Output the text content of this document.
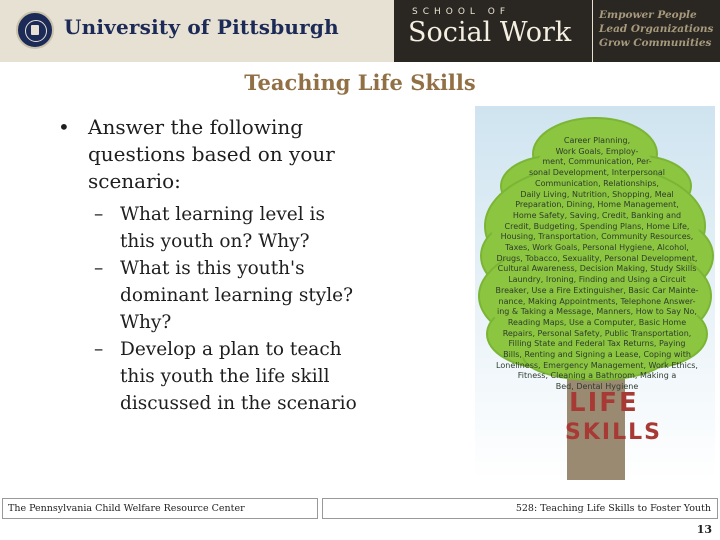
University of Pittsburgh
SCHOOL OF
Social Work
Empower People
Lead Organizations
Grow Communities
Teaching Life Skills
• Answer the following questions based on your scenario:
– What learning level is this youth on? Why?
– What is this youth's dominant learning style? Why?
– Develop a plan to teach this youth the life skill discussed in the scenario
Career Planning,
Work Goals, Employ-
ment, Communication, Per-
sonal Development, Interpersonal
Communication, Relationships,
Daily Living, Nutrition, Shopping, Meal
Preparation, Dining, Home Management,
Home Safety, Saving, Credit, Banking and
Credit, Budgeting, Spending Plans, Home Life,
Housing, Transportation, Community Resources,
Taxes, Work Goals, Personal Hygiene, Alcohol,
Drugs, Tobacco, Sexuality, Personal Development,
Cultural Awareness, Decision Making, Study Skills
Laundry, Ironing, Finding and Using a Circuit
Breaker, Use a Fire Extinguisher, Basic Car Mainte-
nance, Making Appointments, Telephone Answer-
ing & Taking a Message, Manners, How to Say No,
Reading Maps, Use a Computer, Basic Home
Repairs, Personal Safety, Public Transportation,
Filling State and Federal Tax Returns, Paying
Bills, Renting and Signing a Lease, Coping with
Loneliness, Emergency Management, Work Ethics,
Fitness, Cleaning a Bathroom, Making a
Bed, Dental Hygiene
LIFE
SKILLS
The Pennsylvania Child Welfare Resource Center	528: Teaching Life Skills to Foster Youth
13
